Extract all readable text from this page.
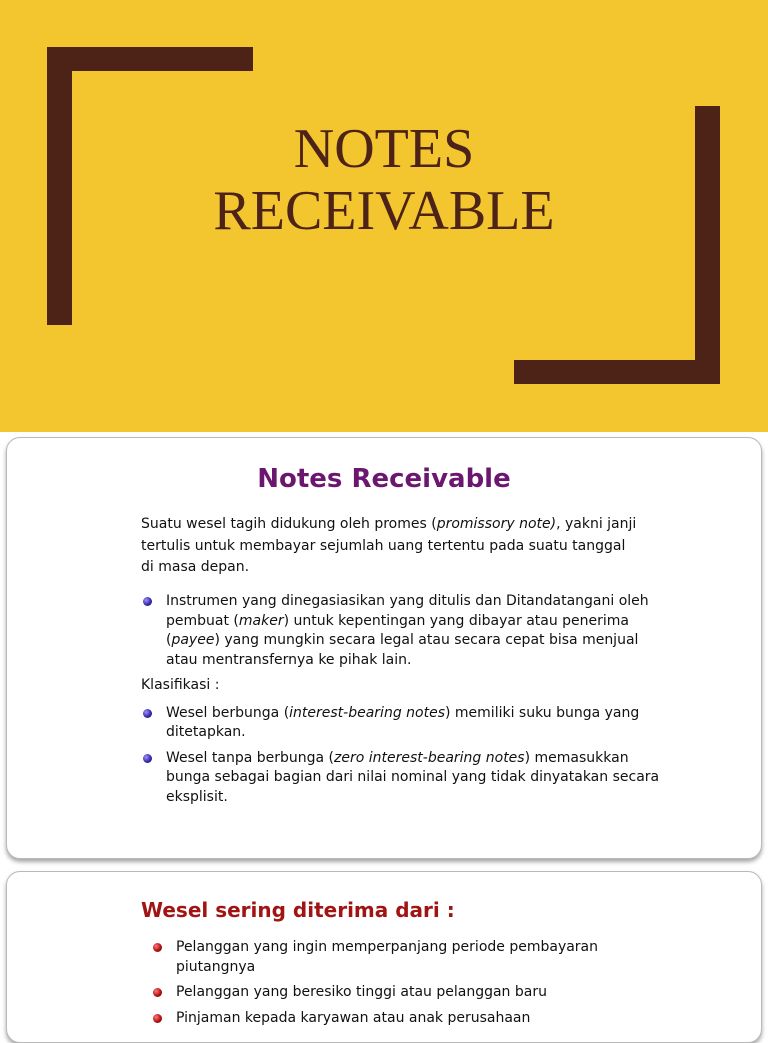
NOTES
RECEIVABLE
Notes Receivable
Suatu wesel tagih didukung oleh promes (promissory note), yakni janji tertulis untuk membayar sejumlah uang tertentu pada suatu tanggal di masa depan.
Instrumen yang dinegasiasikan yang ditulis dan Ditandatangani oleh pembuat (maker) untuk kepentingan yang dibayar atau penerima (payee) yang mungkin secara legal atau secara cepat bisa menjual atau mentransfernya ke pihak lain.
Klasifikasi :
Wesel berbunga (interest-bearing notes) memiliki suku bunga yang ditetapkan.
Wesel tanpa berbunga (zero interest-bearing notes) memasukkan bunga sebagai bagian dari nilai nominal yang tidak dinyatakan secara eksplisit.
Wesel sering diterima dari :
Pelanggan yang ingin memperpanjang periode pembayaran piutangnya
Pelanggan yang beresiko tinggi atau pelanggan baru
Pinjaman kepada karyawan atau anak perusahaan
